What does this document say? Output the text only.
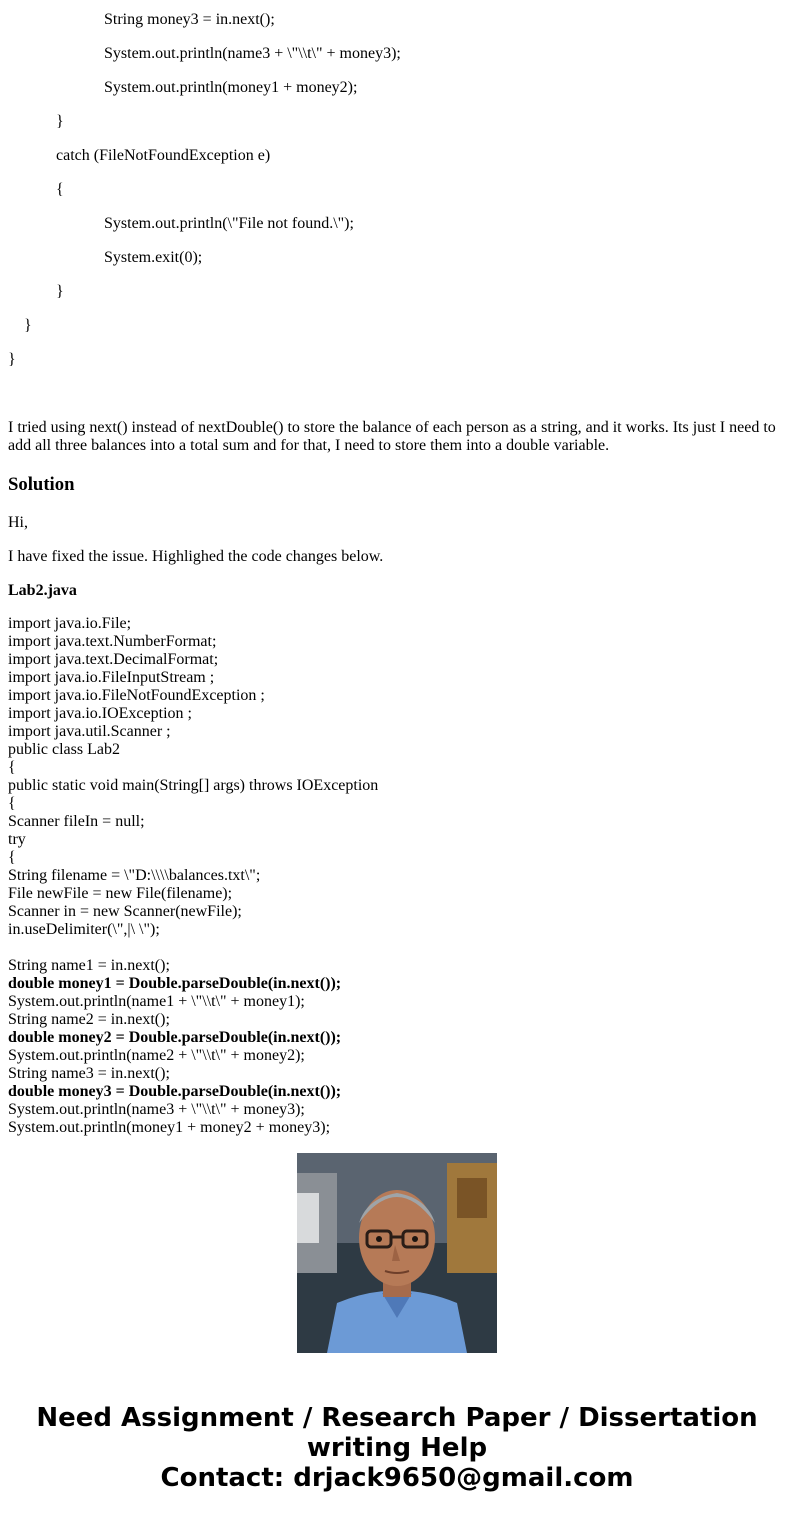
String money3 = in.next();

System.out.println(name3 + \"\\t\" + money3);

System.out.println(money1 + money2);

}

catch (FileNotFoundException e)

{

System.out.println(\"File not found.\");

System.exit(0);

}

}

}

I tried using next() instead of nextDouble() to store the balance of each person as a string, and it works. Its just I need to add all three balances into a total sum and for that, I need to store them into a double variable.

Solution

Hi,

I have fixed the issue. Highlighed the code changes below.

Lab2.java

import java.io.File;
import java.text.NumberFormat;
import java.text.DecimalFormat;
import java.io.FileInputStream ;
import java.io.FileNotFoundException ;
import java.io.IOException ;
import java.util.Scanner ;
public class Lab2
{
public static void main(String[] args) throws IOException
{
Scanner fileIn = null;
try
{
String filename = \"D:\\\\balances.txt\";
File newFile = new File(filename);
Scanner in = new Scanner(newFile);
in.useDelimiter(\",|\ \");
String name1 = in.next();
double money1 = Double.parseDouble(in.next());
System.out.println(name1 + \"\\t\" + money1);
String name2 = in.next();
double money2 = Double.parseDouble(in.next());
System.out.println(name2 + \"\\t\" + money2);
String name3 = in.next();
double money3 = Double.parseDouble(in.next());
System.out.println(name3 + \"\\t\" + money3);
System.out.println(money1 + money2 + money3);
Need Assignment / Research Paper / Dissertation
writing Help
Contact: drjack9650@gmail.com
